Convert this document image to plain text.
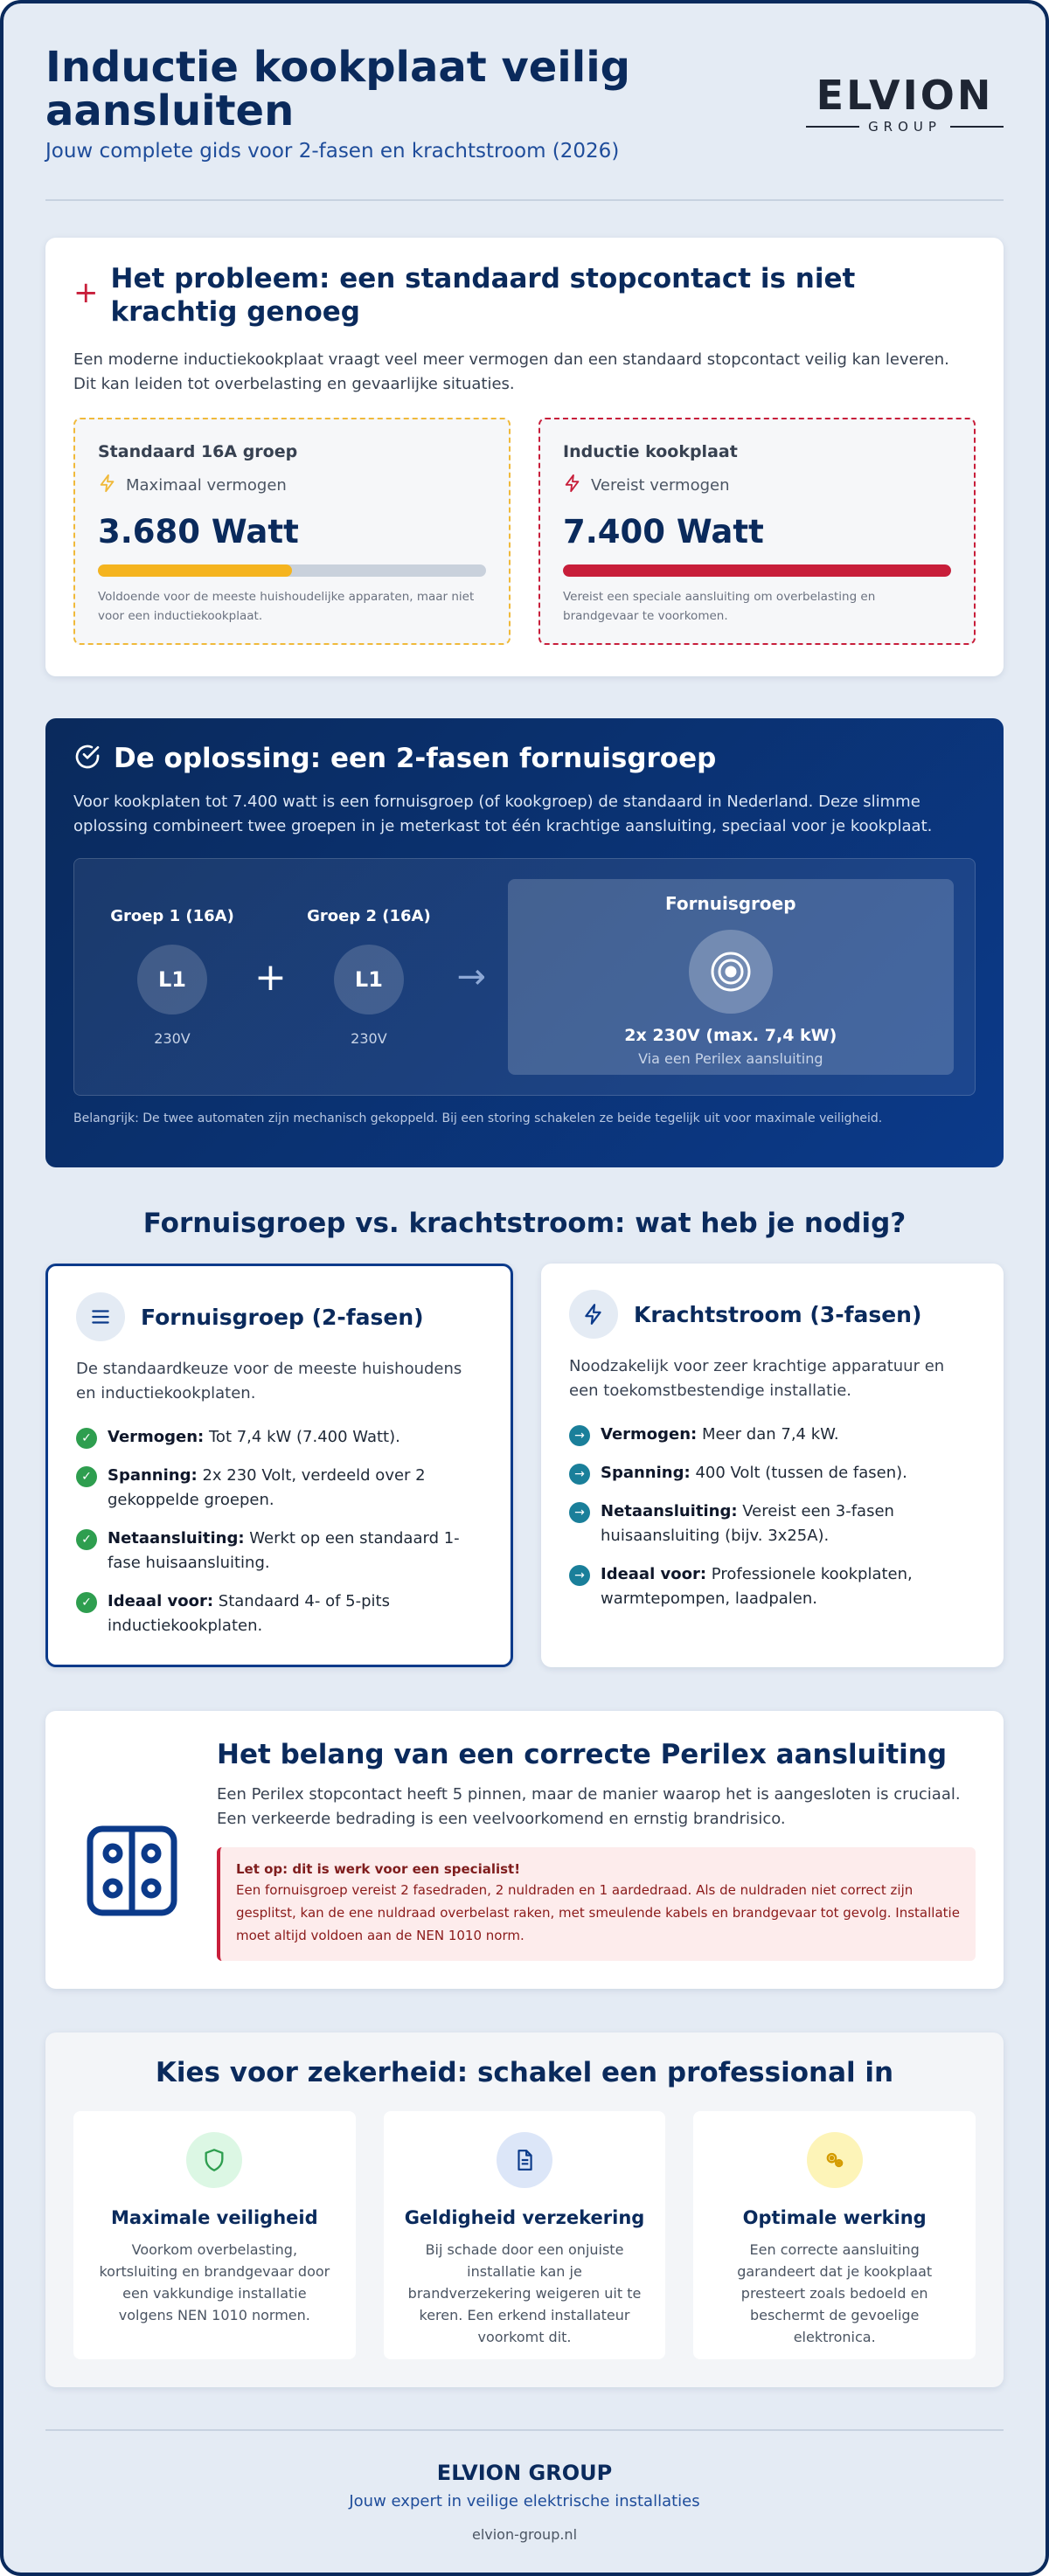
Inductie kookplaat veilig aansluiten
Jouw complete gids voor 2-fasen en krachtstroom (2026)
ELVION
GROUP
+ Het probleem: een standaard stopcontact is niet krachtig genoeg

Een moderne inductiekookplaat vraagt veel meer vermogen dan een standaard stopcontact veilig kan leveren. Dit kan leiden tot overbelasting en gevaarlijke situaties.

Standaard 16A groep
Maximaal vermogen
3.680 Watt
Voldoende voor de meeste huishoudelijke apparaten, maar niet voor een inductiekookplaat.
Inductie kookplaat
Vereist vermogen
7.400 Watt
Vereist een speciale aansluiting om overbelasting en brandgevaar te voorkomen.
De oplossing: een 2-fasen fornuisgroep

Voor kookplaten tot 7.400 watt is een fornuisgroep (of kookgroep) de standaard in Nederland. Deze slimme oplossing combineert twee groepen in je meterkast tot één krachtige aansluiting, speciaal voor je kookplaat.

Groep 1 (16A)
L1
230V
+
Groep 2 (16A)
L1
230V
→
Fornuisgroep
2x 230V (max. 7,4 kW)
Via een Perilex aansluiting

Belangrijk: De twee automaten zijn mechanisch gekoppeld. Bij een storing schakelen ze beide tegelijk uit voor maximale veiligheid.

Fornuisgroep vs. krachtstroom: wat heb je nodig?
Fornuisgroep (2-fasen)

De standaardkeuze voor de meeste huishoudens en inductiekookplaten.

✓	Vermogen: Tot 7,4 kW (7.400 Watt).
✓	Spanning: 2x 230 Volt, verdeeld over 2 gekoppelde groepen.
✓	Netaansluiting: Werkt op een standaard 1-fase huisaansluiting.
✓	Ideaal voor: Standaard 4- of 5-pits inductiekookplaten.
Krachtstroom (3-fasen)

Noodzakelijk voor zeer krachtige apparatuur en een toekomstbestendige installatie.

→	Vermogen: Meer dan 7,4 kW.
→	Spanning: 400 Volt (tussen de fasen).
→	Netaansluiting: Vereist een 3-fasen huisaansluiting (bijv. 3x25A).
→	Ideaal voor: Professionele kookplaten, warmtepompen, laadpalen.
Het belang van een correcte Perilex aansluiting

Een Perilex stopcontact heeft 5 pinnen, maar de manier waarop het is aangesloten is cruciaal. Een verkeerde bedrading is een veelvoorkomend en ernstig brandrisico.

Let op: dit is werk voor een specialist!
Een fornuisgroep vereist 2 fasedraden, 2 nuldraden en 1 aardedraad. Als de nuldraden niet correct zijn gesplitst, kan de ene nuldraad overbelast raken, met smeulende kabels en brandgevaar tot gevolg. Installatie moet altijd voldoen aan de NEN 1010 norm.
Kies voor zekerheid: schakel een professional in
Maximale veiligheid

Voorkom overbelasting, kortsluiting en brandgevaar door een vakkundige installatie volgens NEN 1010 normen.

Geldigheid verzekering

Bij schade door een onjuiste installatie kan je brandverzekering weigeren uit te keren. Een erkend installateur voorkomt dit.

Optimale werking

Een correcte aansluiting garandeert dat je kookplaat presteert zoals bedoeld en beschermt de gevoelige elektronica.

ELVION GROUP
Jouw expert in veilige elektrische installaties
elvion-group.nl
